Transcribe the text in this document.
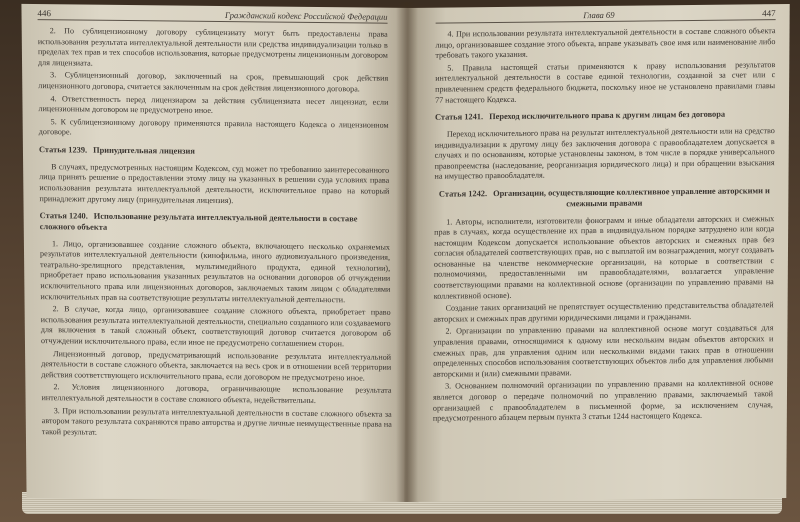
446	Гражданский кодекс Российской Федерации

2. По сублицензионному договору сублицензиату могут быть предоставлены права использования результата интеллектуальной деятельности или средства индивидуализации только в пределах тех прав и тех способов использования, которые предусмотрены лицензионным договором для лицензиата.

3. Сублицензионный договор, заключенный на срок, превышающий срок действия лицензионного договора, считается заключенным на срок действия лицензионного договора.

4. Ответственность перед лицензиаром за действия сублицензиата несет лицензиат, если лицензионным договором не предусмотрено иное.

5. К сублицензионному договору применяются правила настоящего Кодекса о лицензионном договоре.

Статья 1239. Принудительная лицензия

В случаях, предусмотренных настоящим Кодексом, суд может по требованию заинтересованного лица принять решение о предоставлении этому лицу на указанных в решении суда условиях права использования результата интеллектуальной деятельности, исключительное право на который принадлежит другому лицу (принудительная лицензия).

Статья 1240. Использование результата интеллектуальной деятельности в составе сложного объекта

1. Лицо, организовавшее создание сложного объекта, включающего несколько охраняемых результатов интеллектуальной деятельности (кинофильма, иного аудиовизуального произведения, театрально-зрелищного представления, мультимедийного продукта, единой технологии), приобретает право использования указанных результатов на основании договоров об отчуждении исключительного права или лицензионных договоров, заключаемых таким лицом с обладателями исключительных прав на соответствующие результаты интеллектуальной деятельности.

2. В случае, когда лицо, организовавшее создание сложного объекта, приобретает право использования результата интеллектуальной деятельности, специально созданного или создаваемого для включения в такой сложный объект, соответствующий договор считается договором об отчуждении исключительного права, если иное не предусмотрено соглашением сторон.

Лицензионный договор, предусматривающий использование результата интеллектуальной деятельности в составе сложного объекта, заключается на весь срок и в отношении всей территории действия соответствующего исключительного права, если договором не предусмотрено иное.

2. Условия лицензионного договора, ограничивающие использование результата интеллектуальной деятельности в составе сложного объекта, недействительны.

3. При использовании результата интеллектуальной деятельности в составе сложного объекта за автором такого результата сохраняются право авторства и другие личные неимущественные права на такой результат.

Глава 69	447

4. При использовании результата интеллектуальной деятельности в составе сложного объекта лицо, организовавшее создание этого объекта, вправе указывать свое имя или наименование либо требовать такого указания.

5. Правила настоящей статьи применяются к праву использования результатов интеллектуальной деятельности в составе единой технологии, созданной за счет или с привлечением средств федерального бюджета, поскольку иное не установлено правилами главы 77 настоящего Кодекса.

Статья 1241. Переход исключительного права к другим лицам без договора

Переход исключительного права на результат интеллектуальной деятельности или на средство индивидуализации к другому лицу без заключения договора с правообладателем допускается в случаях и по основаниям, которые установлены законом, в том числе в порядке универсального правопреемства (наследование, реорганизация юридического лица) и при обращении взыскания на имущество правообладателя.

Статья 1242. Организации, осуществляющие коллективное управление авторскими и смежными правами

1. Авторы, исполнители, изготовители фонограмм и иные обладатели авторских и смежных прав в случаях, когда осуществление их прав в индивидуальном порядке затруднено или когда настоящим Кодексом допускается использование объектов авторских и смежных прав без согласия обладателей соответствующих прав, но с выплатой им вознаграждения, могут создавать основанные на членстве некоммерческие организации, на которые в соответствии с полномочиями, предоставленными им правообладателями, возлагается управление соответствующими правами на коллективной основе (организации по управлению правами на коллективной основе).

Создание таких организаций не препятствует осуществлению представительства обладателей авторских и смежных прав другими юридическими лицами и гражданами.

2. Организации по управлению правами на коллективной основе могут создаваться для управления правами, относящимися к одному или нескольким видам объектов авторских и смежных прав, для управления одним или несколькими видами таких прав в отношении определенных способов использования соответствующих объектов либо для управления любыми авторскими и (или) смежными правами.

3. Основанием полномочий организации по управлению правами на коллективной основе является договор о передаче полномочий по управлению правами, заключаемый такой организацией с правообладателем в письменной форме, за исключением случая, предусмотренного абзацем первым пункта 3 статьи 1244 настоящего Кодекса.
